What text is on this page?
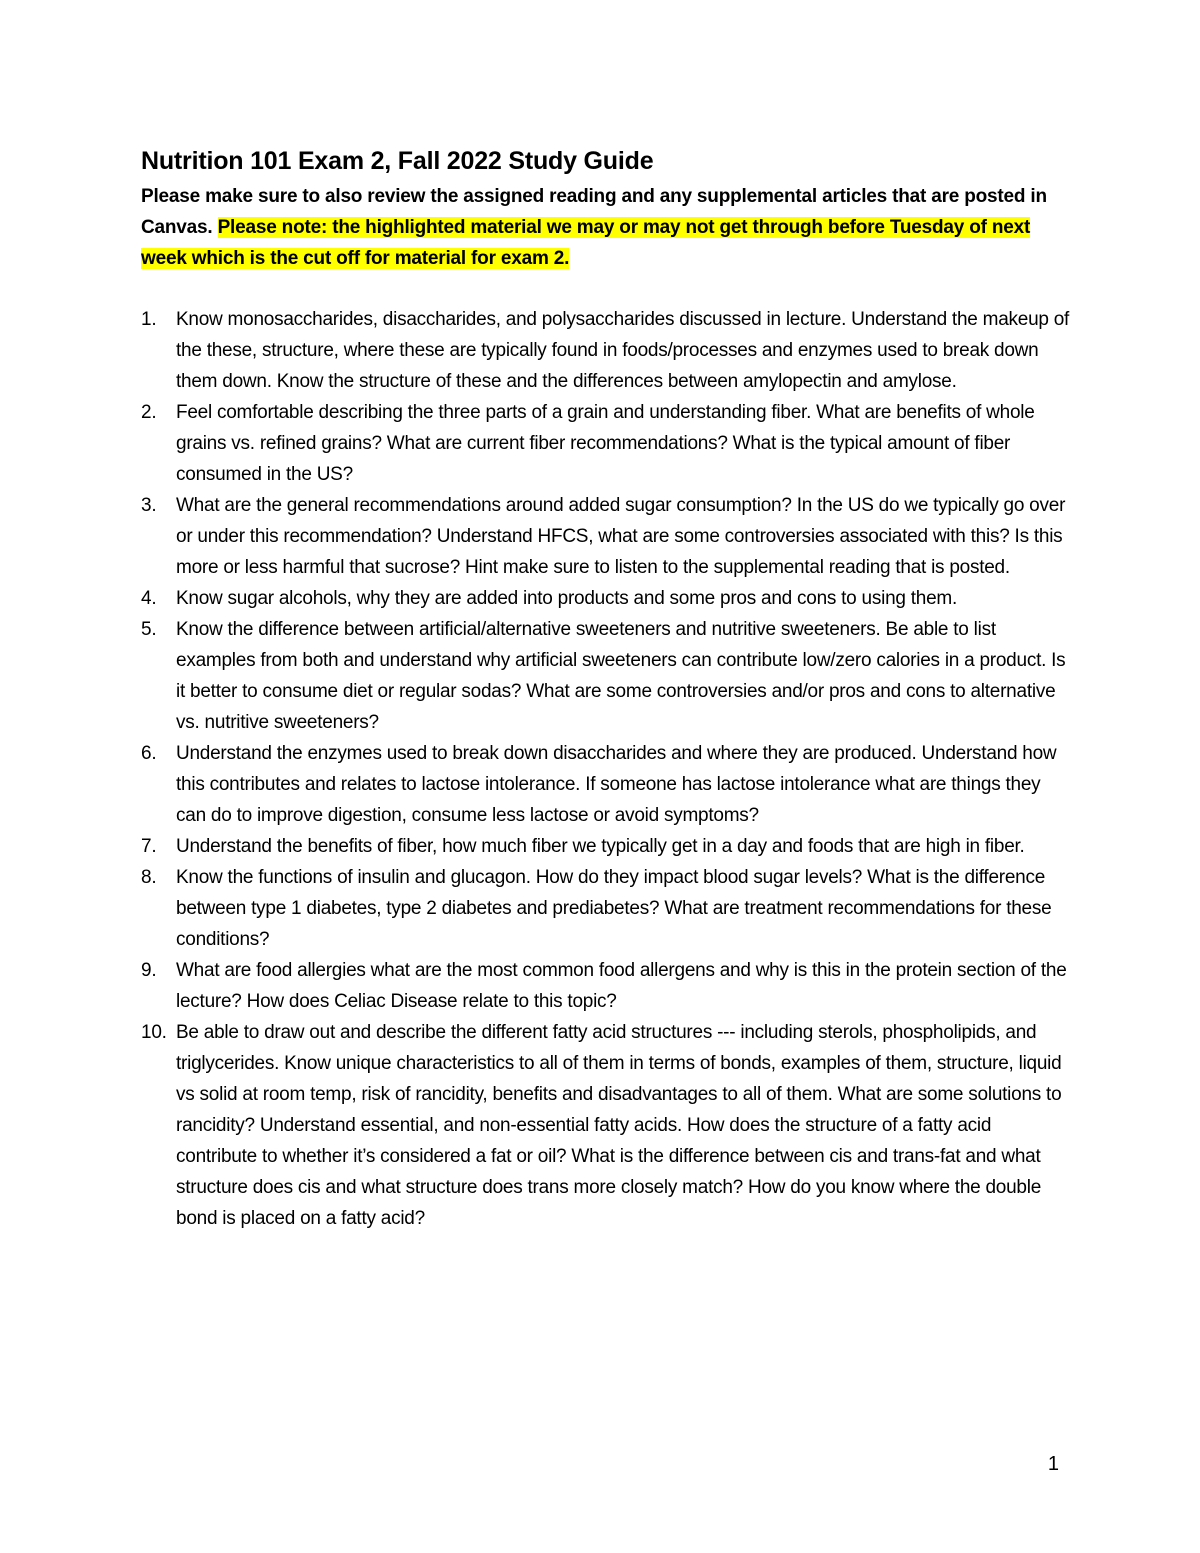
Nutrition 101 Exam 2, Fall 2022 Study Guide

Please make sure to also review the assigned reading and any supplemental articles that are posted in Canvas. Please note: the highlighted material we may or may not get through before Tuesday of next week which is the cut off for material for exam 2.

1. Know monosaccharides, disaccharides, and polysaccharides discussed in lecture. Understand the makeup of the these, structure, where these are typically found in foods/processes and enzymes used to break down them down. Know the structure of these and the differences between amylopectin and amylose.
2. Feel comfortable describing the three parts of a grain and understanding fiber. What are benefits of whole grains vs. refined grains? What are current fiber recommendations? What is the typical amount of fiber consumed in the US?
3. What are the general recommendations around added sugar consumption? In the US do we typically go over or under this recommendation? Understand HFCS, what are some controversies associated with this? Is this more or less harmful that sucrose? Hint make sure to listen to the supplemental reading that is posted.
4. Know sugar alcohols, why they are added into products and some pros and cons to using them.
5. Know the difference between artificial/alternative sweeteners and nutritive sweeteners. Be able to list examples from both and understand why artificial sweeteners can contribute low/zero calories in a product. Is it better to consume diet or regular sodas? What are some controversies and/or pros and cons to alternative vs. nutritive sweeteners?
6. Understand the enzymes used to break down disaccharides and where they are produced. Understand how this contributes and relates to lactose intolerance. If someone has lactose intolerance what are things they can do to improve digestion, consume less lactose or avoid symptoms?
7. Understand the benefits of fiber, how much fiber we typically get in a day and foods that are high in fiber.
8. Know the functions of insulin and glucagon. How do they impact blood sugar levels? What is the difference between type 1 diabetes, type 2 diabetes and prediabetes? What are treatment recommendations for these conditions?
9. What are food allergies what are the most common food allergens and why is this in the protein section of the lecture? How does Celiac Disease relate to this topic?
10. Be able to draw out and describe the different fatty acid structures --- including sterols, phospholipids, and triglycerides. Know unique characteristics to all of them in terms of bonds, examples of them, structure, liquid vs solid at room temp, risk of rancidity, benefits and disadvantages to all of them. What are some solutions to rancidity? Understand essential, and non-essential fatty acids. How does the structure of a fatty acid contribute to whether it’s considered a fat or oil? What is the difference between cis and trans-fat and what structure does cis and what structure does trans more closely match? How do you know where the double bond is placed on a fatty acid?
1
